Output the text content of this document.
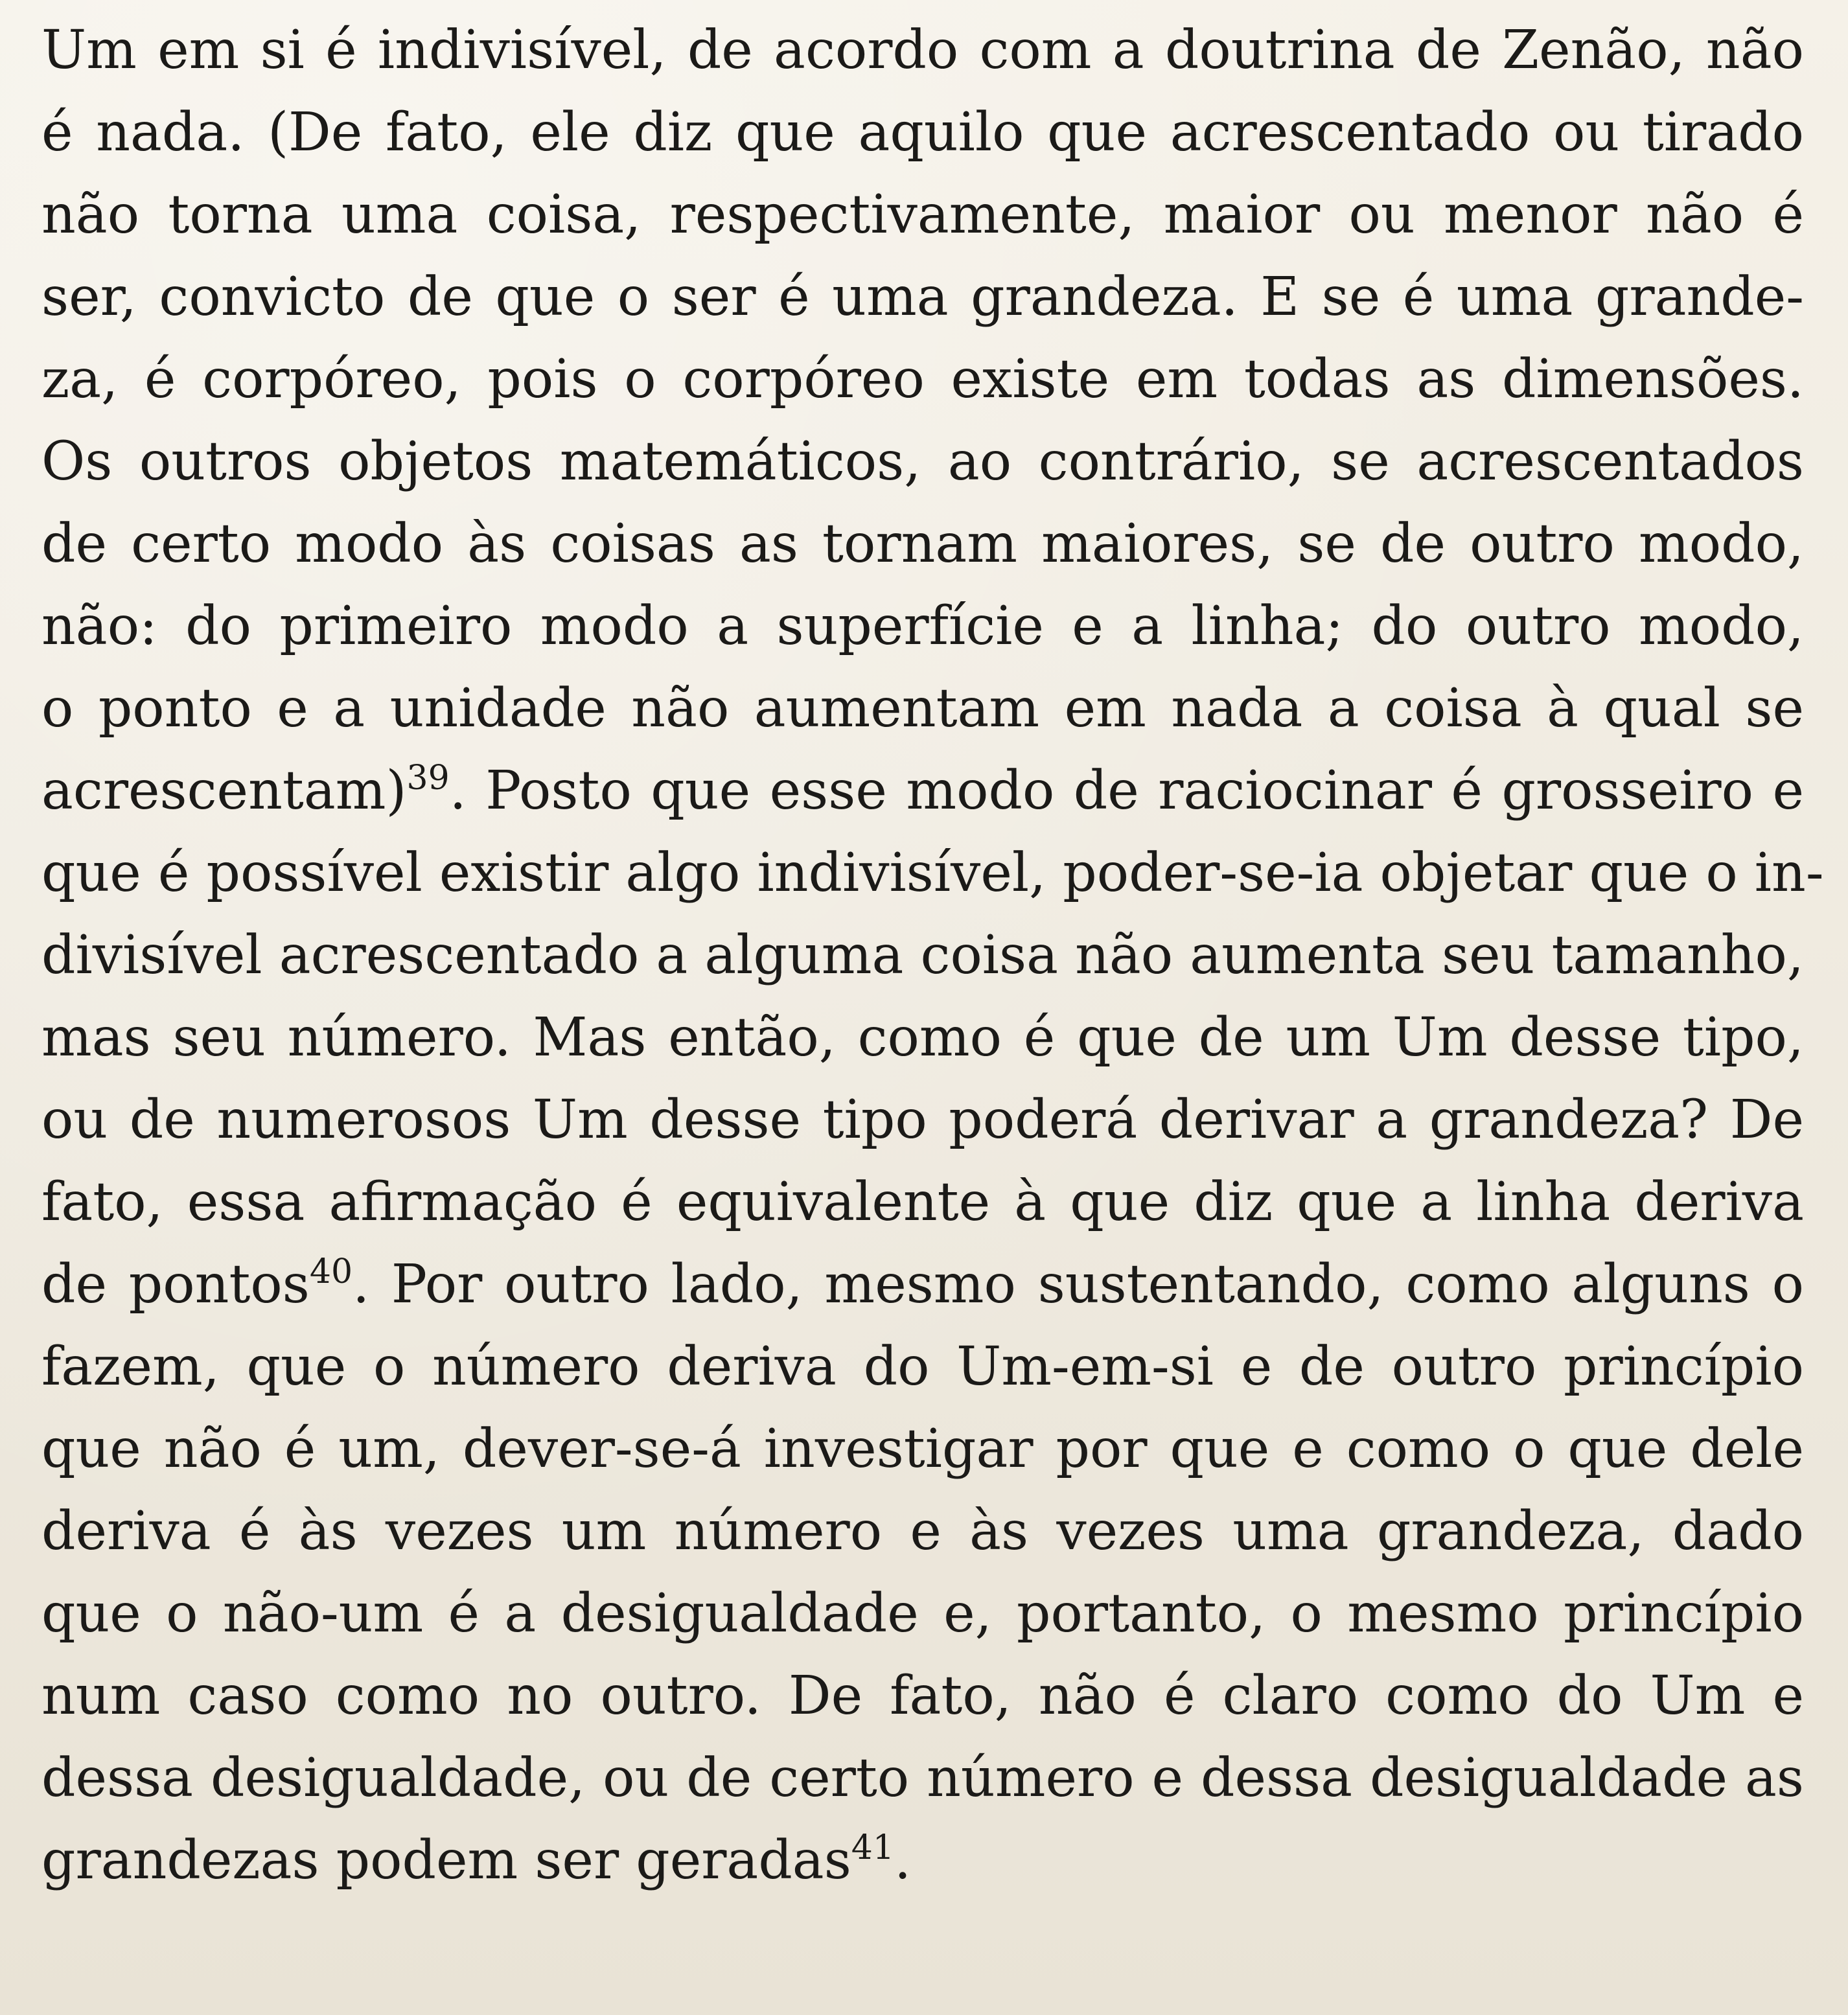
Um em si é indivisível, de acordo com a doutrina de Zenão, não
é nada. (De fato, ele diz que aquilo que acrescentado ou tirado
não torna uma coisa, respectivamente, maior ou menor não é
ser, convicto de que o ser é uma grandeza. E se é uma grande-
za, é corpóreo, pois o corpóreo existe em todas as dimensões.
Os outros objetos matemáticos, ao contrário, se acrescentados
de certo modo às coisas as tornam maiores, se de outro modo,
não: do primeiro modo a superfície e a linha; do outro modo,
o ponto e a unidade não aumentam em nada a coisa à qual se
acrescentam)$^{39}$. Posto que esse modo de raciocinar é grosseiro e
que é possível existir algo indivisível, poder-se-ia objetar que o in-
divisível acrescentado a alguma coisa não aumenta seu tamanho,
mas seu número. Mas então, como é que de um Um desse tipo,
ou de numerosos Um desse tipo poderá derivar a grandeza? De
fato, essa afirmação é equivalente à que diz que a linha deriva
de pontos$^{40}$. Por outro lado, mesmo sustentando, como alguns o
fazem, que o número deriva do Um-em-si e de outro princípio
que não é um, dever-se-á investigar por que e como o que dele
deriva é às vezes um número e às vezes uma grandeza, dado
que o não-um é a desigualdade e, portanto, o mesmo princípio
num caso como no outro. De fato, não é claro como do Um e
dessa desigualdade, ou de certo número e dessa desigualdade as
grandezas podem ser geradas$^{41}$.
